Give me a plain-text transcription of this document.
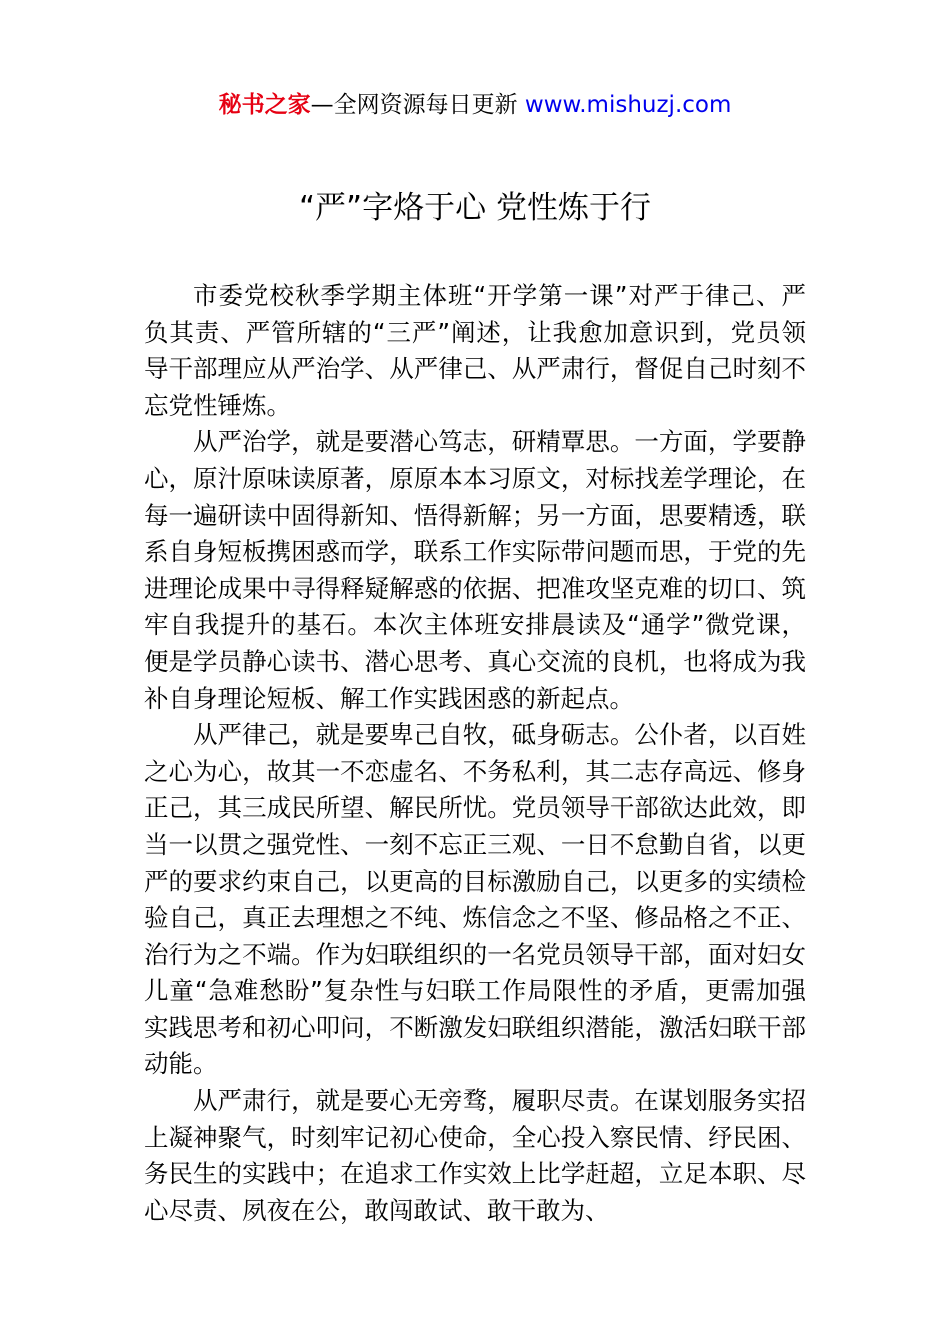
秘书之家—全网资源每日更新 www.mishuzj.com
“严”字烙于心 党性炼于行

市委党校秋季学期主体班“开学第一课”对严于律己、严负其责、严管所辖的“三严”阐述，让我愈加意识到，党员领导干部理应从严治学、从严律己、从严肃行，督促自己时刻不忘党性锤炼。

从严治学，就是要潜心笃志，研精覃思。一方面，学要静心，原汁原味读原著，原原本本习原文，对标找差学理论，在每一遍研读中固得新知、悟得新解；另一方面，思要精透，联系自身短板携困惑而学，联系工作实际带问题而思，于党的先进理论成果中寻得释疑解惑的依据、把准攻坚克难的切口、筑牢自我提升的基石。本次主体班安排晨读及“通学”微党课，便是学员静心读书、潜心思考、真心交流的良机，也将成为我补自身理论短板、解工作实践困惑的新起点。

从严律己，就是要卑己自牧，砥身砺志。公仆者，以百姓之心为心，故其一不恋虚名、不务私利，其二志存高远、修身正己，其三成民所望、解民所忧。党员领导干部欲达此效，即当一以贯之强党性、一刻不忘正三观、一日不怠勤自省，以更严的要求约束自己，以更高的目标激励自己，以更多的实绩检验自己，真正去理想之不纯、炼信念之不坚、修品格之不正、治行为之不端。作为妇联组织的一名党员领导干部，面对妇女儿童“急难愁盼”复杂性与妇联工作局限性的矛盾，更需加强实践思考和初心叩问，不断激发妇联组织潜能，激活妇联干部动能。

从严肃行，就是要心无旁骛，履职尽责。在谋划服务实招上凝神聚气，时刻牢记初心使命，全心投入察民情、纾民困、务民生的实践中；在追求工作实效上比学赶超，立足本职、尽心尽责、夙夜在公，敢闯敢试、敢干敢为、
